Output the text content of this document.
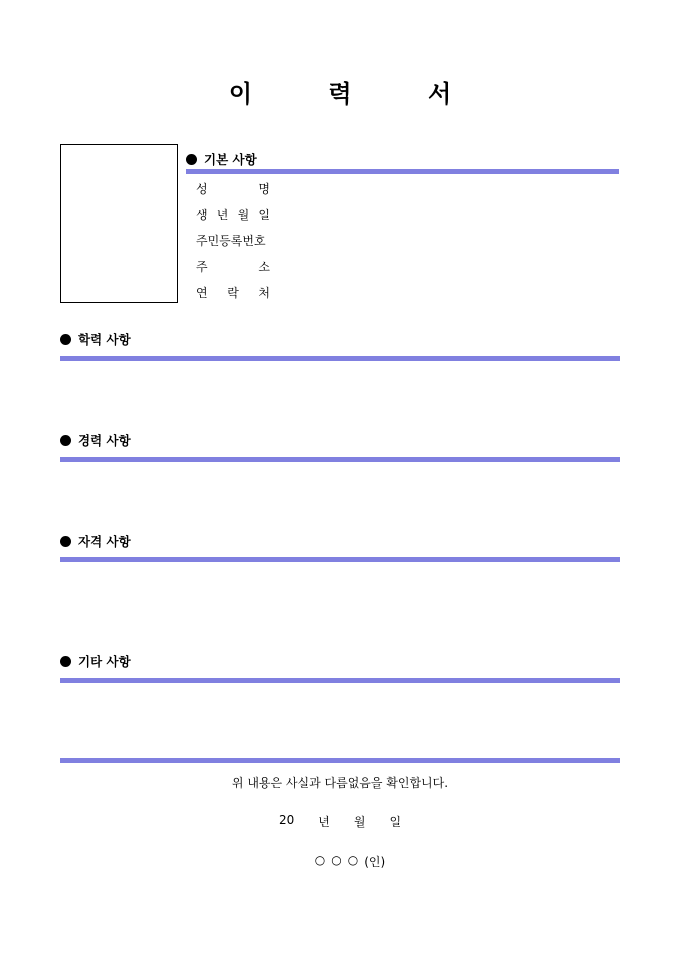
이 력 서
기본 사항
성	명
생 년 월 일
주민등록번호
주	소
연 락 처
학력 사항
경력 사항
자격 사항
기타 사항
위 내용은 사실과 다름없음을 확인합니다.
20 년 월 일
○ ○ ○ (인)
